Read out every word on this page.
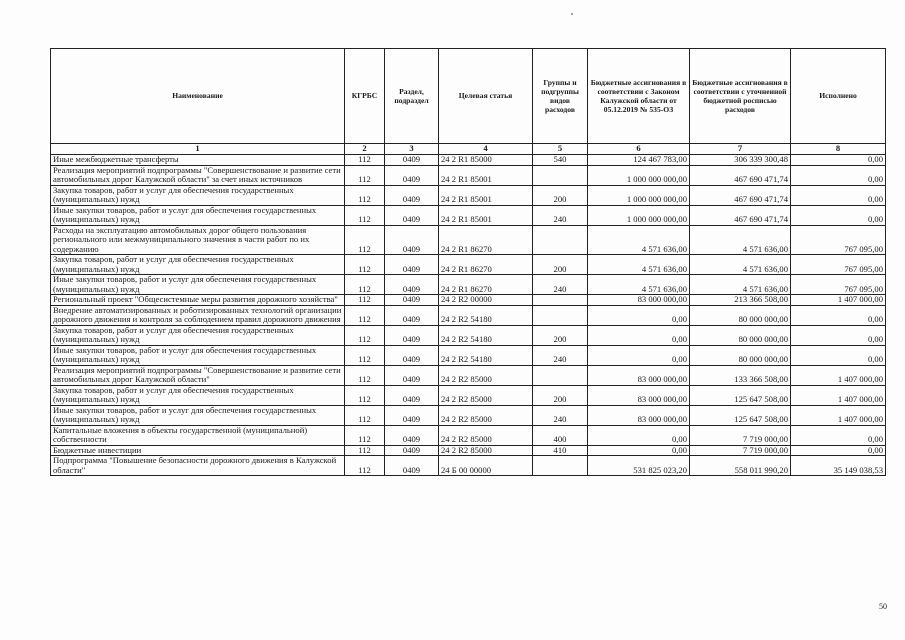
Наименование	КГРБС	Раздел, подраздел	Целевая статья	Группы и подгруппы видов расходов	Бюджетные ассигнования в соответствии с Законом Калужской области от 05.12.2019 № 535-ОЗ	Бюджетные ассигнования в соответствии с уточненной бюджетной росписью расходов	Исполнено
1	2	3	4	5	6	7	8
Иные межбюджетные трансферты	112	0409	24 2 R1 85000	540	124 467 783,00	306 339 300,48	0,00
Реализация мероприятий подпрограммы "Совершенствование и развитие сети автомобильных дорог Калужской области" за счет иных источников	112	0409	24 2 R1 85001		1 000 000 000,00	467 690 471,74	0,00
Закупка товаров, работ и услуг для обеспечения государственных (муниципальных) нужд	112	0409	24 2 R1 85001	200	1 000 000 000,00	467 690 471,74	0,00
Иные закупки товаров, работ и услуг для обеспечения государственных (муниципальных) нужд	112	0409	24 2 R1 85001	240	1 000 000 000,00	467 690 471,74	0,00
Расходы на эксплуатацию автомобильных дорог общего пользования регионального или межмуниципального значения в части работ по их содержанию	112	0409	24 2 R1 86270		4 571 636,00	4 571 636,00	767 095,00
Закупка товаров, работ и услуг для обеспечения государственных (муниципальных) нужд	112	0409	24 2 R1 86270	200	4 571 636,00	4 571 636,00	767 095,00
Иные закупки товаров, работ и услуг для обеспечения государственных (муниципальных) нужд	112	0409	24 2 R1 86270	240	4 571 636,00	4 571 636,00	767 095,00
Региональный проект "Общесистемные меры развития дорожного хозяйства"	112	0409	24 2 R2 00000		83 000 000,00	213 366 508,00	1 407 000,00
Внедрение автоматизированных и роботизированных технологий организации дорожного движения и контроля за соблюдением правил дорожного движения	112	0409	24 2 R2 54180		0,00	80 000 000,00	0,00
Закупка товаров, работ и услуг для обеспечения государственных (муниципальных) нужд	112	0409	24 2 R2 54180	200	0,00	80 000 000,00	0,00
Иные закупки товаров, работ и услуг для обеспечения государственных (муниципальных) нужд	112	0409	24 2 R2 54180	240	0,00	80 000 000,00	0,00
Реализация мероприятий подпрограммы "Совершенствование и развитие сети автомобильных дорог Калужской области"	112	0409	24 2 R2 85000		83 000 000,00	133 366 508,00	1 407 000,00
Закупка товаров, работ и услуг для обеспечения государственных (муниципальных) нужд	112	0409	24 2 R2 85000	200	83 000 000,00	125 647 508,00	1 407 000,00
Иные закупки товаров, работ и услуг для обеспечения государственных (муниципальных) нужд	112	0409	24 2 R2 85000	240	83 000 000,00	125 647 508,00	1 407 000,00
Капитальные вложения в объекты государственной (муниципальной) собственности	112	0409	24 2 R2 85000	400	0,00	7 719 000,00	0,00
Бюджетные инвестиции	112	0409	24 2 R2 85000	410	0,00	7 719 000,00	0,00
Подпрограмма "Повышение безопасности дорожного движения в Калужской области"	112	0409	24 Б 00 00000		531 825 023,20	558 011 990,20	35 149 038,53
50
